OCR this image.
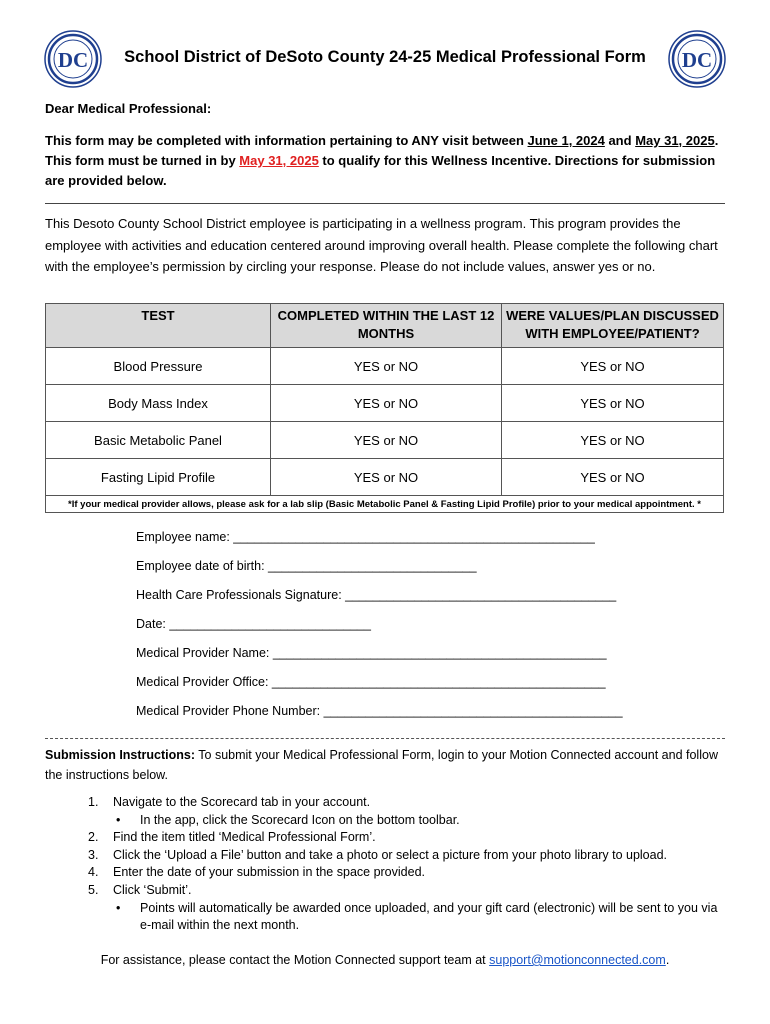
DC	School District of DeSoto County 24-25 Medical Professional Form	DC
Dear Medical Professional:
This form may be completed with information pertaining to ANY visit between June 1, 2024 and May 31, 2025. This form must be turned in by May 31, 2025 to qualify for this Wellness Incentive. Directions for submission are provided below.
This Desoto County School District employee is participating in a wellness program. This program provides the employee with activities and education centered around improving overall health. Please complete the following chart with the employee’s permission by circling your response. Please do not include values, answer yes or no.
TEST	COMPLETED WITHIN THE LAST 12 MONTHS	WERE VALUES/PLAN DISCUSSED WITH EMPLOYEE/PATIENT?
Blood Pressure	YES or NO	YES or NO
Body Mass Index	YES or NO	YES or NO
Basic Metabolic Panel	YES or NO	YES or NO
Fasting Lipid Profile	YES or NO	YES or NO
*If your medical provider allows, please ask for a lab slip (Basic Metabolic Panel & Fasting Lipid Profile) prior to your medical appointment. *		
Employee name: ____________________________________________________
Employee date of birth: ______________________________
Health Care Professionals Signature: _______________________________________
Date: _____________________________
Medical Provider Name: ________________________________________________
Medical Provider Office: ________________________________________________
Medical Provider Phone Number: ___________________________________________
Submission Instructions: To submit your Medical Professional Form, login to your Motion Connected account and follow the instructions below.
1. Navigate to the Scorecard tab in your account.
• In the app, click the Scorecard Icon on the bottom toolbar.
2. Find the item titled ‘Medical Professional Form’.
3. Click the ‘Upload a File’ button and take a photo or select a picture from your photo library to upload.
4. Enter the date of your submission in the space provided.
5. Click ‘Submit’.
• Points will automatically be awarded once uploaded, and your gift card (electronic) will be sent to you via e-mail within the next month.
For assistance, please contact the Motion Connected support team at support@motionconnected.com.
